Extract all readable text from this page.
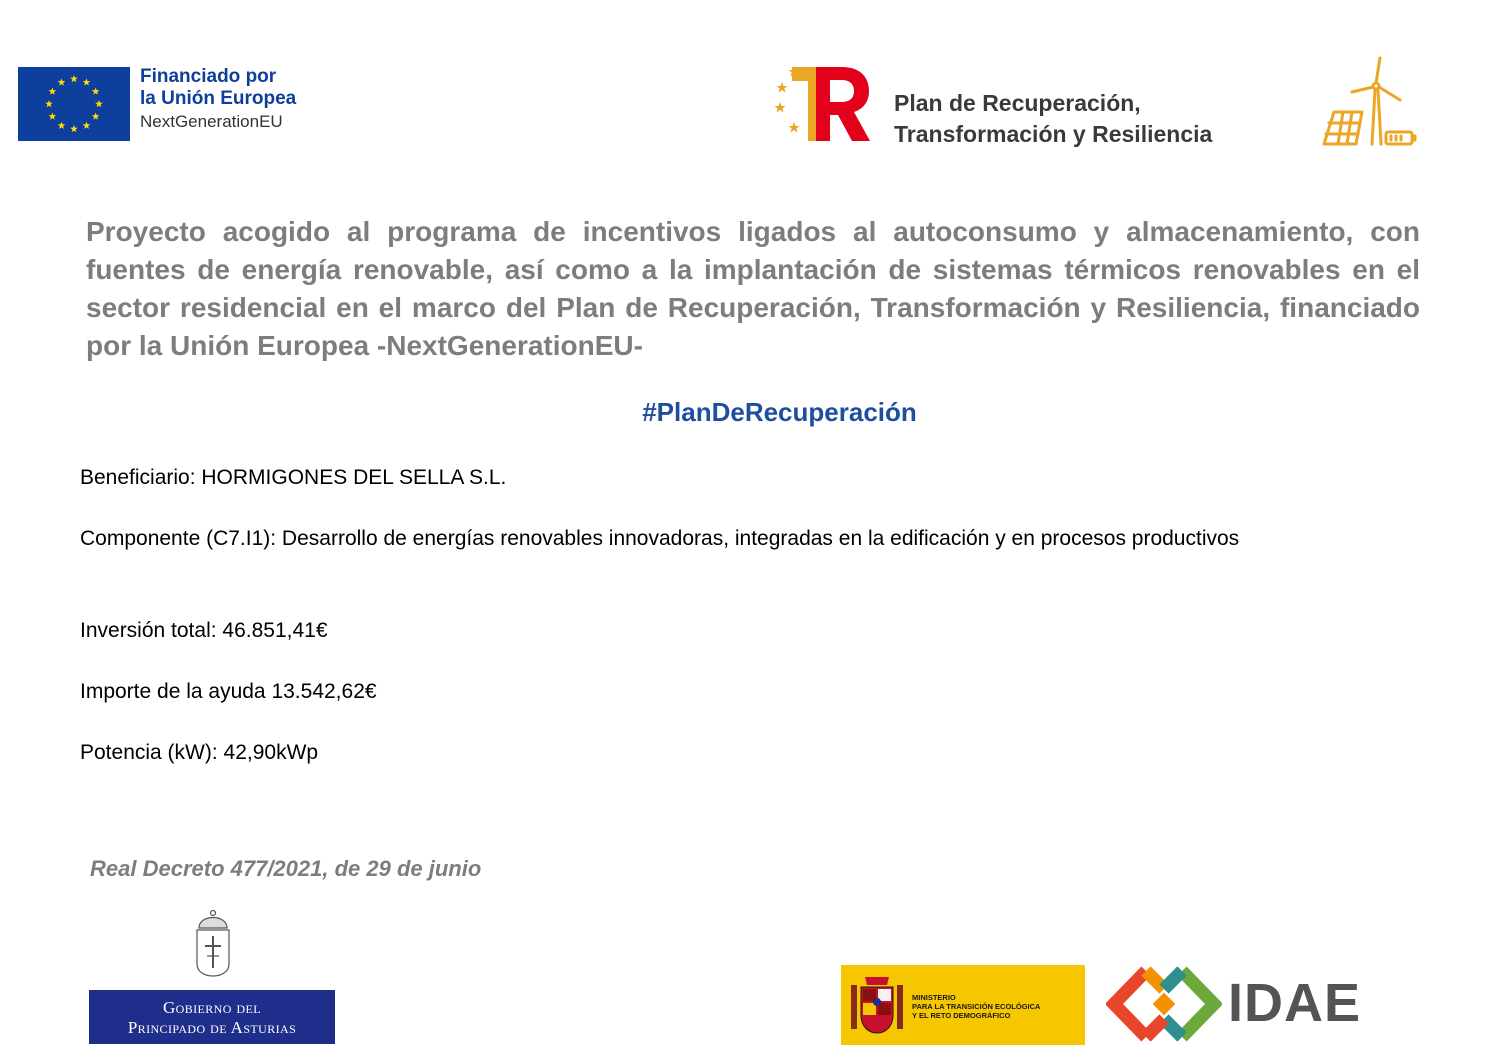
Financiado por
la Unión Europea
NextGenerationEU
Plan de Recuperación,
Transformación y Resiliencia

Proyecto acogido al programa de incentivos ligados al autoconsumo y almacenamiento, con fuentes de energía renovable, así como a la implantación de sistemas térmicos renovables en el sector residencial en el marco del Plan de Recuperación, Transformación y Resiliencia, financiado por la Unión Europea -NextGenerationEU-

#PlanDeRecuperación

Beneficiario: HORMIGONES DEL SELLA S.L.

Componente (C7.I1): Desarrollo de energías renovables innovadoras, integradas en la edificación y en procesos productivos

Inversión total: 46.851,41€

Importe de la ayuda 13.542,62€

Potencia (kW): 42,90kWp

Real Decreto 477/2021, de 29 de junio
Gobierno del
Principado de Asturias
MINISTERIO
PARA LA TRANSICIÓN ECOLÓGICA
Y EL RETO DEMOGRÁFICO	IDAE
